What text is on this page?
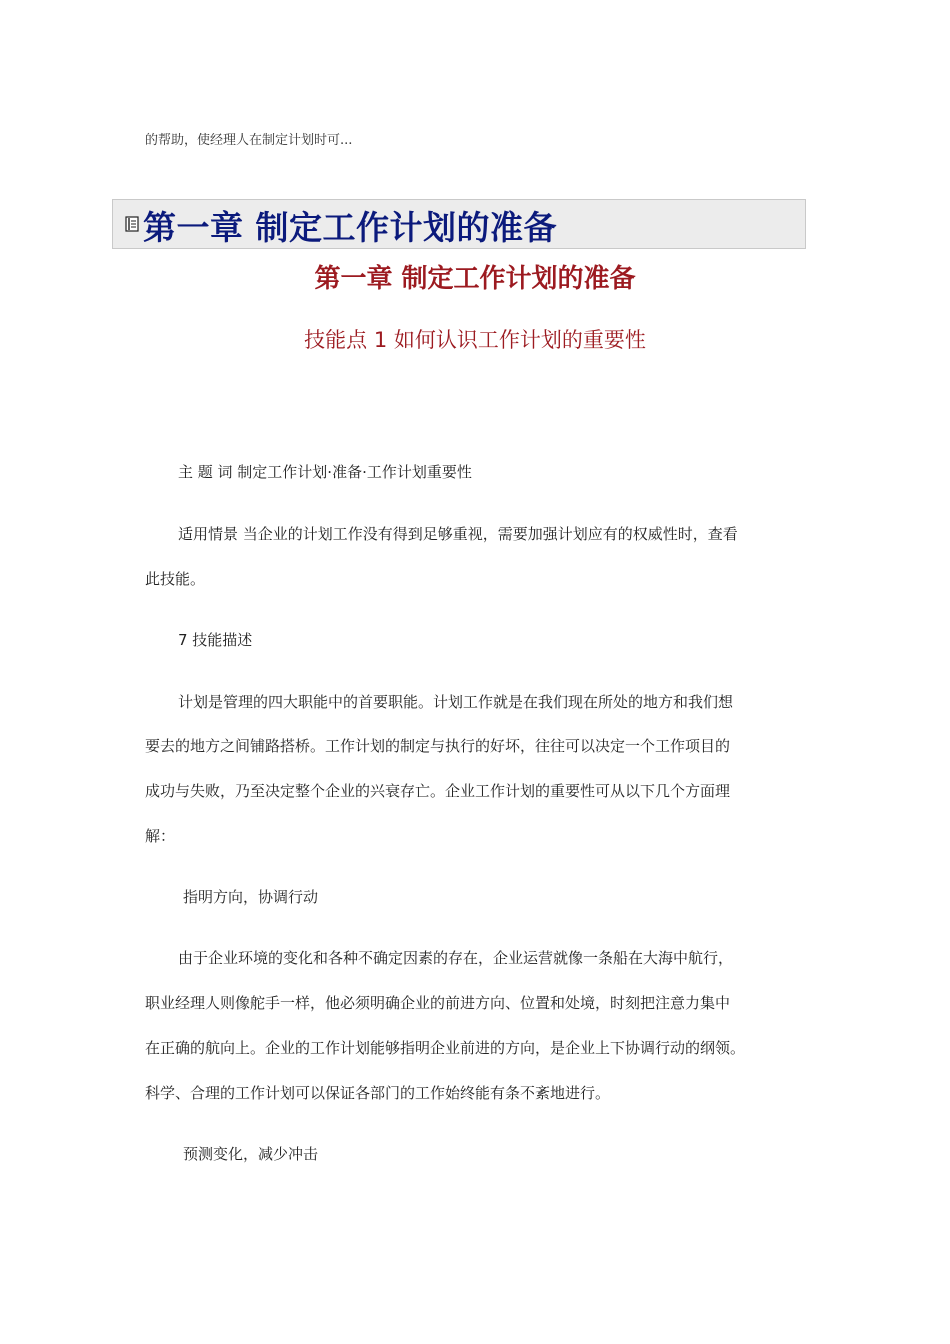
的帮助，使经理人在制定计划时可...
第一章 制定工作计划的准备
第一章 制定工作计划的准备
技能点 1 如何认识工作计划的重要性
主 题 词 制定工作计划·准备·工作计划重要性
适用情景 当企业的计划工作没有得到足够重视，需要加强计划应有的权威性时，查看
此技能。
7 技能描述
计划是管理的四大职能中的首要职能。计划工作就是在我们现在所处的地方和我们想
要去的地方之间铺路搭桥。工作计划的制定与执行的好坏，往往可以决定一个工作项目的
成功与失败，乃至决定整个企业的兴衰存亡。企业工作计划的重要性可从以下几个方面理
解：
指明方向，协调行动
由于企业环境的变化和各种不确定因素的存在，企业运营就像一条船在大海中航行，
职业经理人则像舵手一样，他必须明确企业的前进方向、位置和处境，时刻把注意力集中
在正确的航向上。企业的工作计划能够指明企业前进的方向，是企业上下协调行动的纲领。
科学、合理的工作计划可以保证各部门的工作始终能有条不紊地进行。
预测变化，减少冲击
